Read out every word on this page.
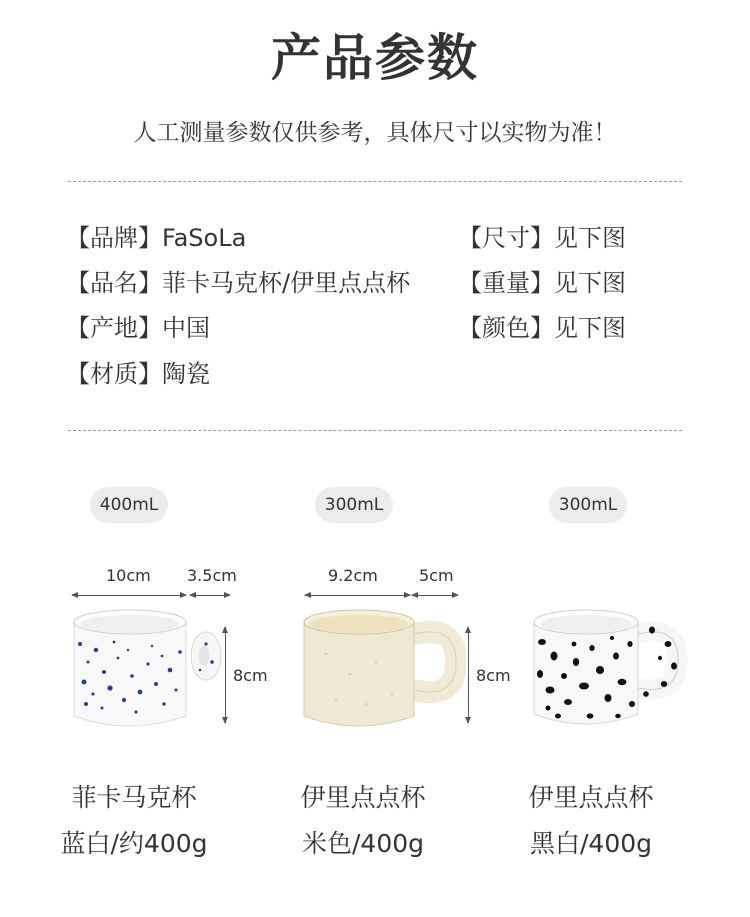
产品参数
人工测量参数仅供参考，具体尺寸以实物为准！
【品牌】FaSoLa
【品名】菲卡马克杯/伊里点点杯
【产地】中国
【材质】陶瓷
【尺寸】见下图
【重量】见下图
【颜色】见下图
400mL	300mL	300mL
10cm 3.5cm
8cm
9.2cm	5cm
8cm
菲卡马克杯
蓝白/约400g
伊里点点杯
米色/400g
伊里点点杯
黑白/400g
